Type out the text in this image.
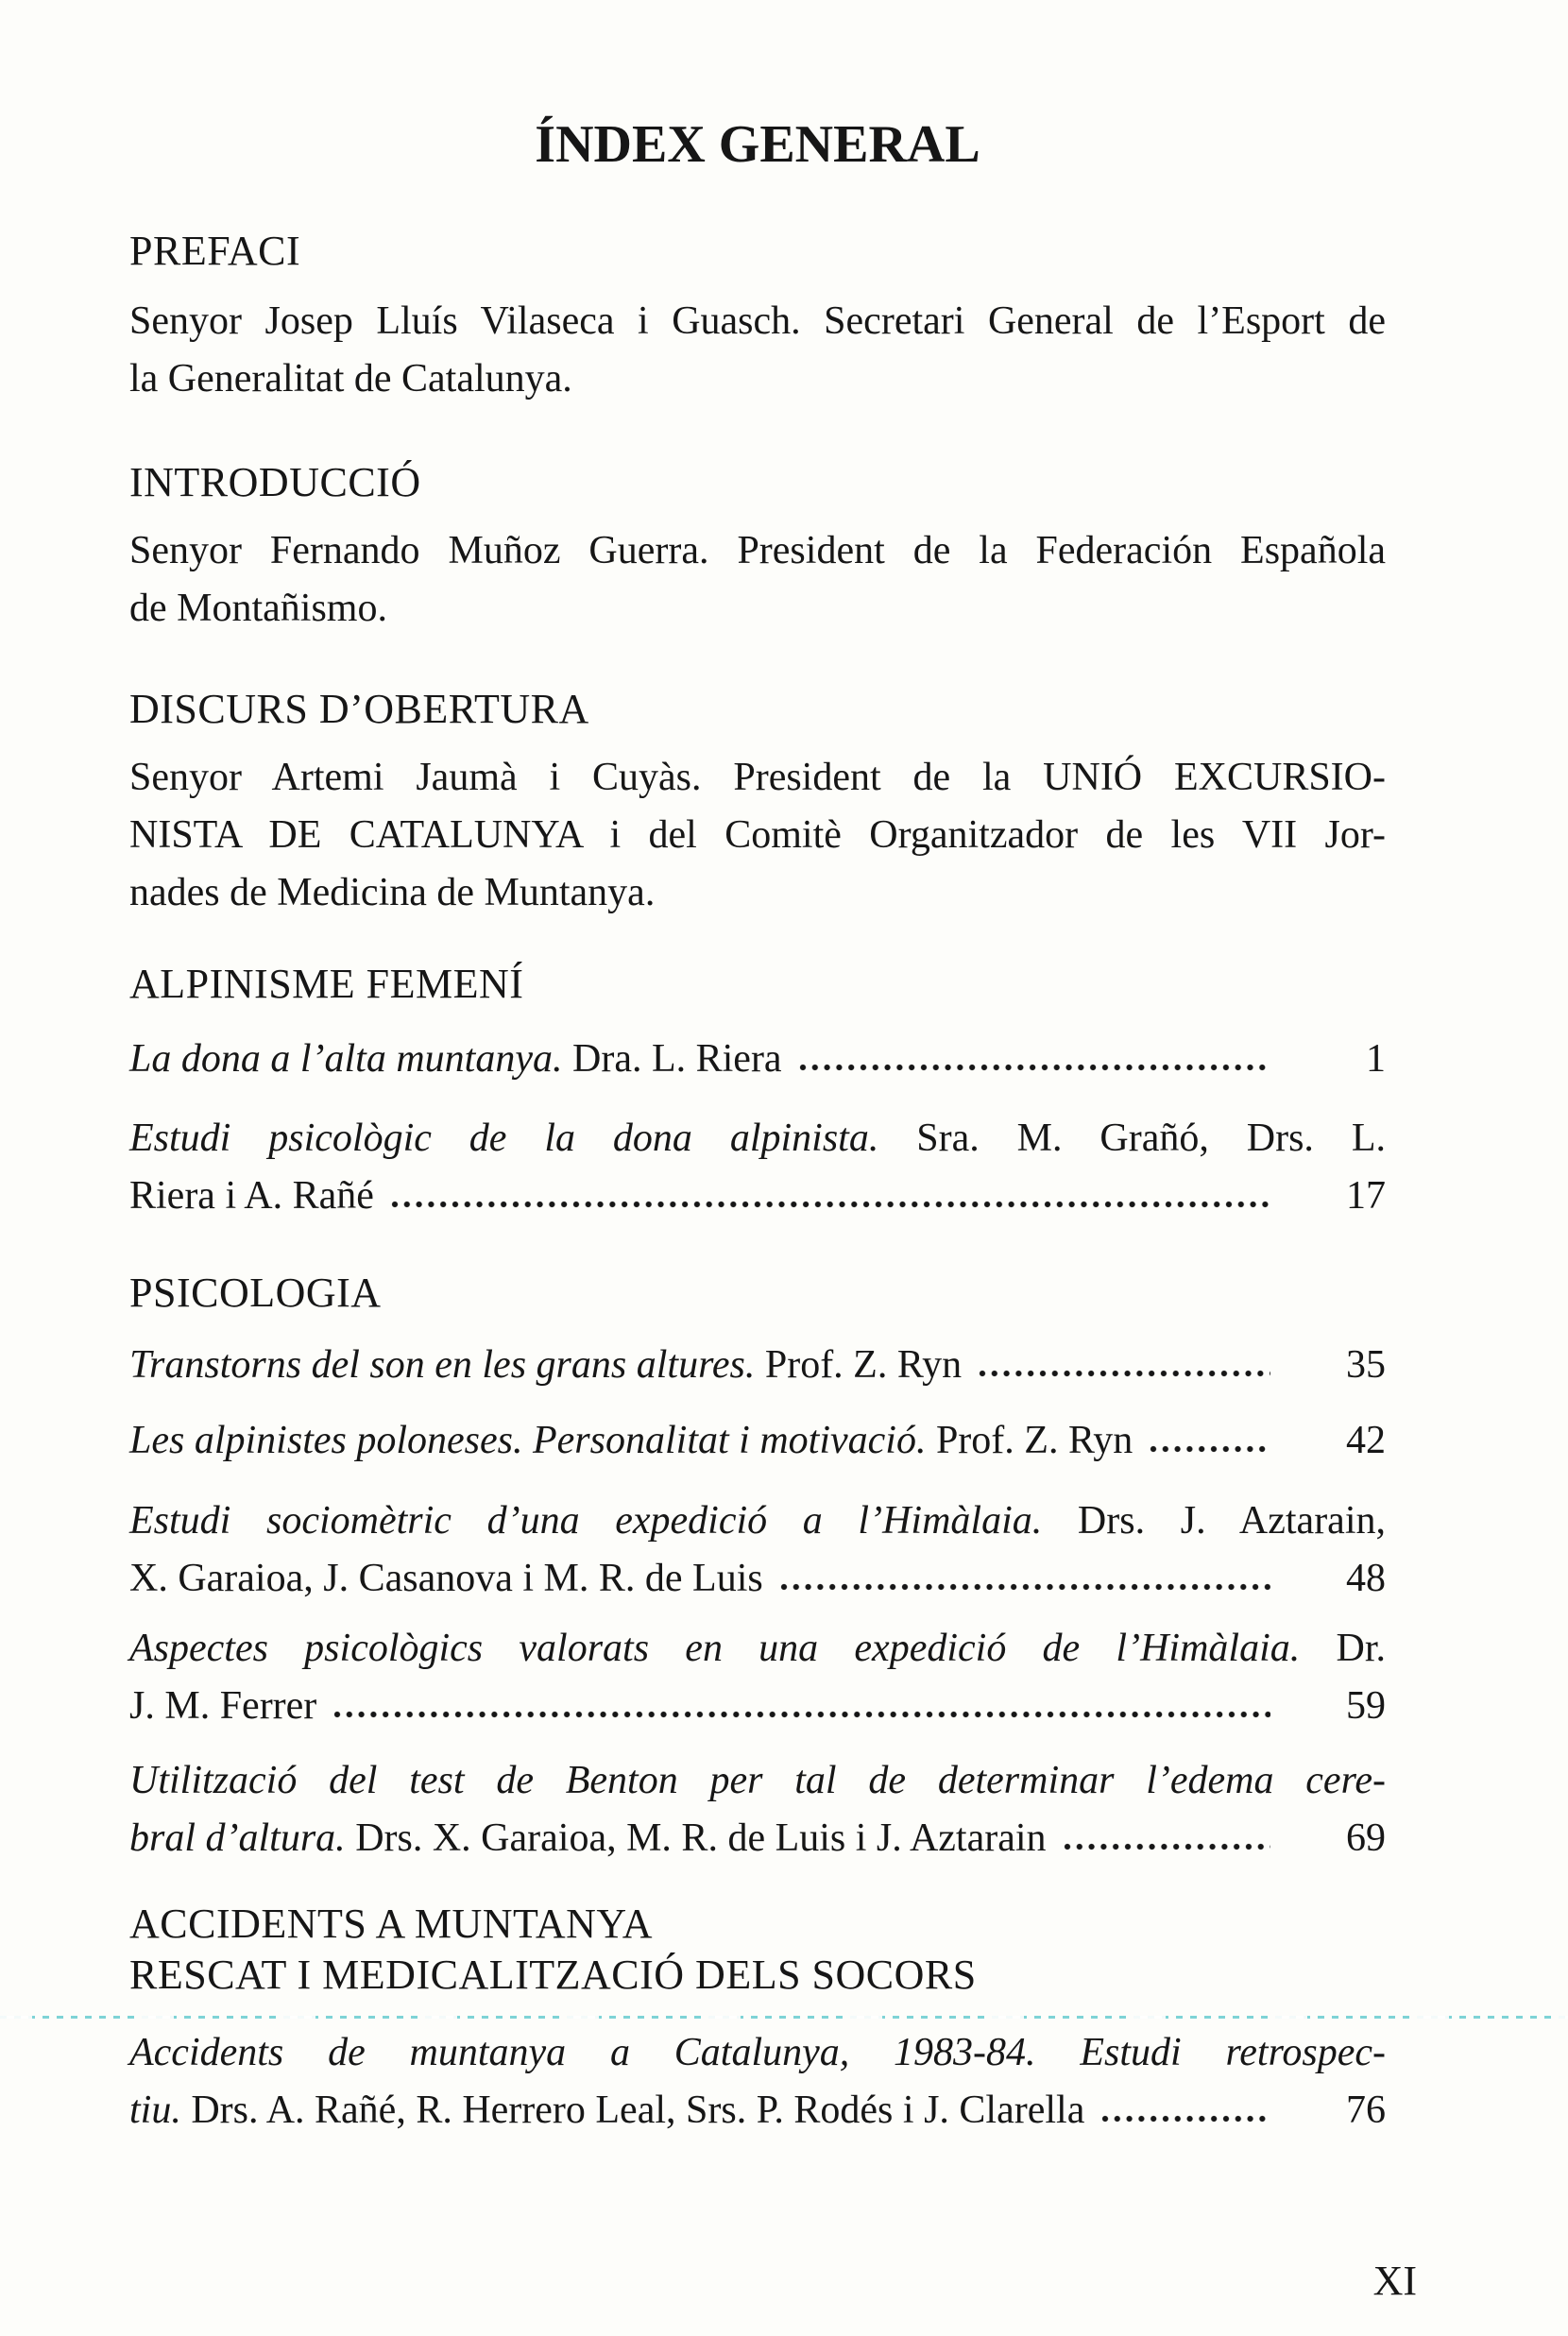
ÍNDEX GENERAL
PREFACI
Senyor Josep Lluís Vilaseca i Guasch. Secretari General de l’Esport de
la Generalitat de Catalunya.
INTRODUCCIÓ
Senyor Fernando Muñoz Guerra. President de la Federación Española
de Montañismo.
DISCURS D’OBERTURA
Senyor Artemi Jaumà i Cuyàs. President de la UNIÓ EXCURSIO-
NISTA DE CATALUNYA i del Comitè Organitzador de les VII Jor-
nades de Medicina de Muntanya.
ALPINISME FEMENÍ
La dona a l’alta muntanya. Dra. L. Riera	1
Estudi psicològic de la dona alpinista. Sra. M. Grañó, Drs. L.
Riera i A. Rañé	17
PSICOLOGIA
Transtorns del son en les grans altures. Prof. Z. Ryn	35
Les alpinistes poloneses. Personalitat i motivació. Prof. Z. Ryn	42
Estudi sociomètric d’una expedició a l’Himàlaia. Drs. J. Aztarain,
X. Garaioa, J. Casanova i M. R. de Luis	48
Aspectes psicològics valorats en una expedició de l’Himàlaia. Dr.
J. M. Ferrer	59
Utilització del test de Benton per tal de determinar l’edema cere-
bral d’altura. Drs. X. Garaioa, M. R. de Luis i J. Aztarain	69
ACCIDENTS A MUNTANYA
RESCAT I MEDICALITZACIÓ DELS SOCORS
Accidents de muntanya a Catalunya, 1983-84. Estudi retrospec-
tiu. Drs. A. Rañé, R. Herrero Leal, Srs. P. Rodés i J. Clarella	76
XI
